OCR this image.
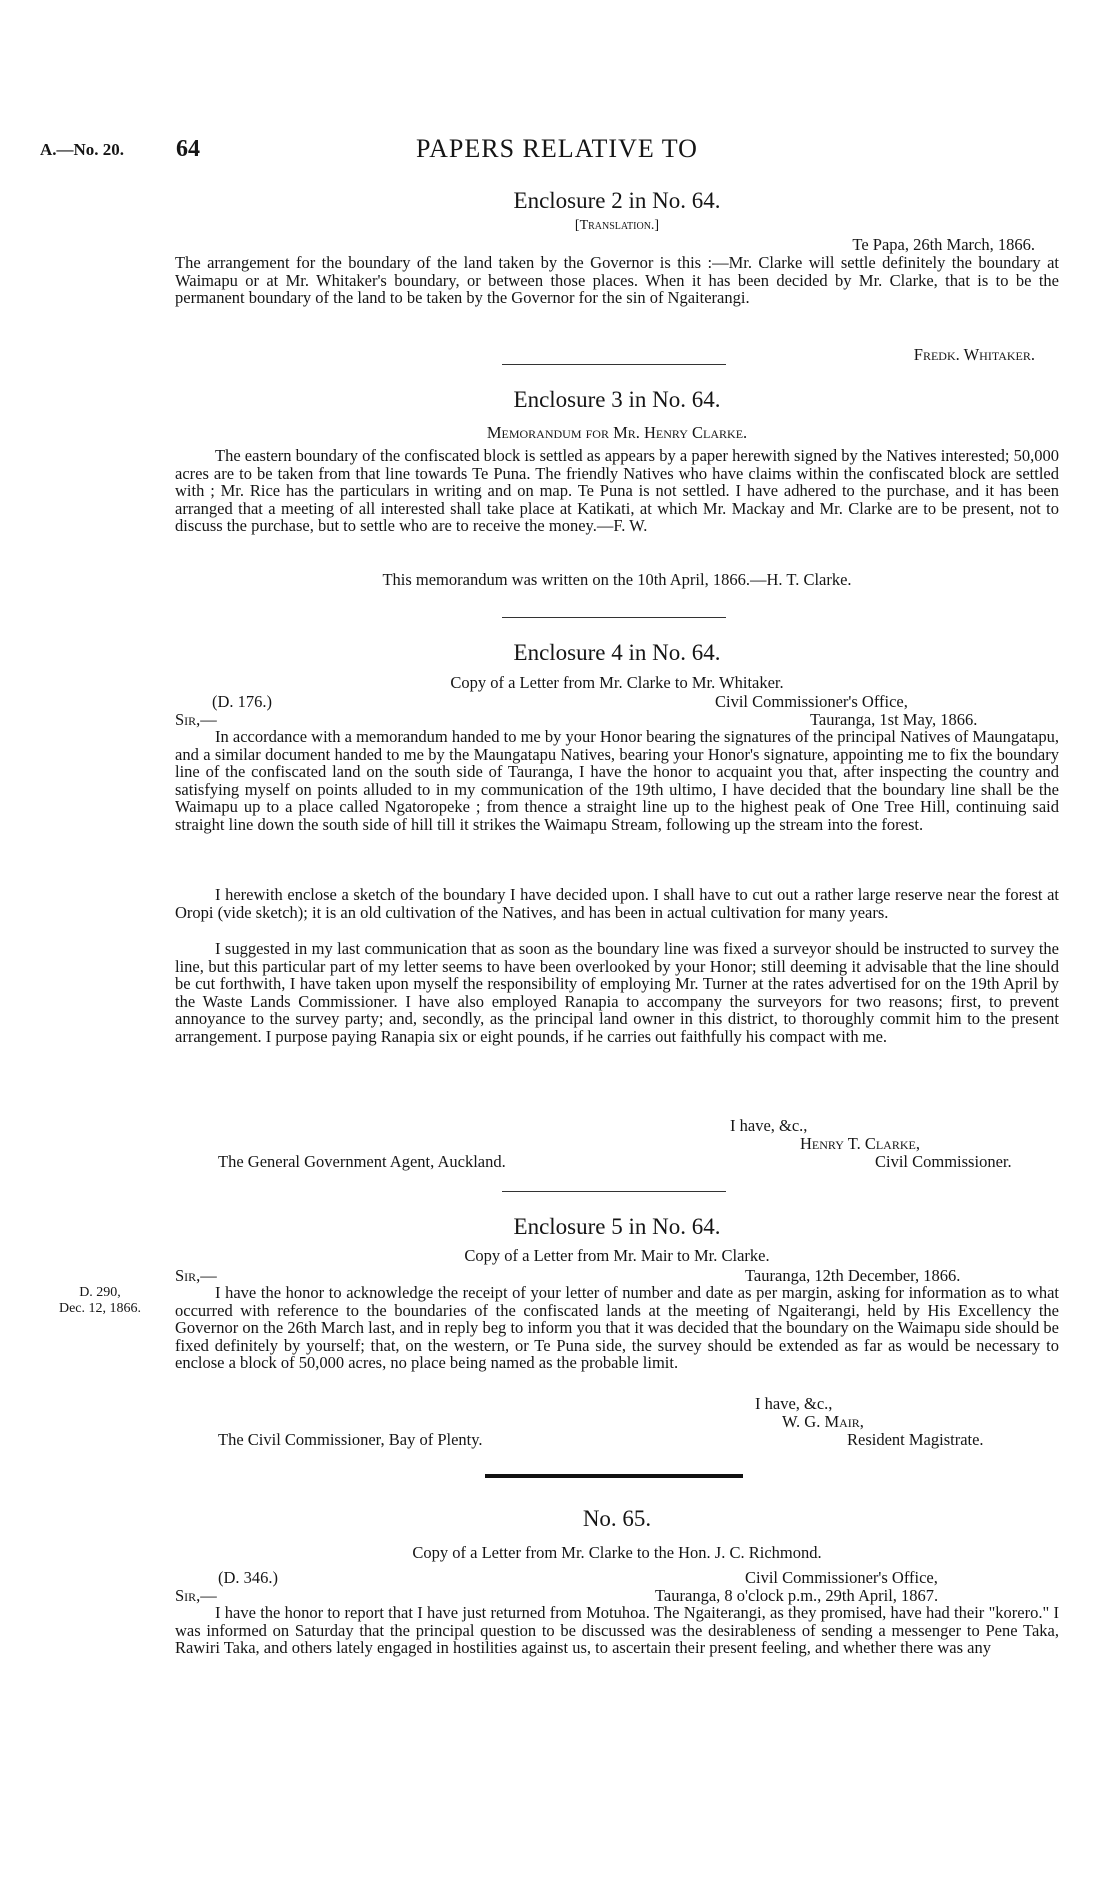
A.—No. 20. 64	PAPERS RELATIVE TO
Enclosure 2 in No. 64.
[Translation.]
Te Papa, 26th March, 1866.
The arrangement for the boundary of the land taken by the Governor is this :—Mr. Clarke will settle definitely the boundary at Waimapu or at Mr. Whitaker's boundary, or between those places. When it has been decided by Mr. Clarke, that is to be the permanent boundary of the land to be taken by the Governor for the sin of Ngaiterangi.
Fredk. Whitaker.
Enclosure 3 in No. 64.
Memorandum for Mr. Henry Clarke.
The eastern boundary of the confiscated block is settled as appears by a paper herewith signed by the Natives interested; 50,000 acres are to be taken from that line towards Te Puna. The friendly Natives who have claims within the confiscated block are settled with ; Mr. Rice has the particulars in writing and on map. Te Puna is not settled. I have adhered to the purchase, and it has been arranged that a meeting of all interested shall take place at Katikati, at which Mr. Mackay and Mr. Clarke are to be present, not to discuss the purchase, but to settle who are to receive the money.—F. W.
This memorandum was written on the 10th April, 1866.—H. T. Clarke.
Enclosure 4 in No. 64.
Copy of a Letter from Mr. Clarke to Mr. Whitaker.
(D. 176.)	Civil Commissioner's Office,
Sir,—	Tauranga, 1st May, 1866.
In accordance with a memorandum handed to me by your Honor bearing the signatures of the principal Natives of Maungatapu, and a similar document handed to me by the Maungatapu Natives, bearing your Honor's signature, appointing me to fix the boundary line of the confiscated land on the south side of Tauranga, I have the honor to acquaint you that, after inspecting the country and satisfying myself on points alluded to in my communication of the 19th ultimo, I have decided that the boundary line shall be the Waimapu up to a place called Ngatoropeke ; from thence a straight line up to the highest peak of One Tree Hill, continuing said straight line down the south side of hill till it strikes the Waimapu Stream, following up the stream into the forest.
I herewith enclose a sketch of the boundary I have decided upon. I shall have to cut out a rather large reserve near the forest at Oropi (vide sketch); it is an old cultivation of the Natives, and has been in actual cultivation for many years.
I suggested in my last communication that as soon as the boundary line was fixed a surveyor should be instructed to survey the line, but this particular part of my letter seems to have been overlooked by your Honor; still deeming it advisable that the line should be cut forthwith, I have taken upon myself the responsibility of employing Mr. Turner at the rates advertised for on the 19th April by the Waste Lands Commissioner. I have also employed Ranapia to accompany the surveyors for two reasons; first, to prevent annoyance to the survey party; and, secondly, as the principal land owner in this district, to thoroughly commit him to the present arrangement. I purpose paying Ranapia six or eight pounds, if he carries out faithfully his compact with me.
I have, &c.,
Henry T. Clarke,
The General Government Agent, Auckland.	Civil Commissioner.
Enclosure 5 in No. 64.
Copy of a Letter from Mr. Mair to Mr. Clarke.
Sir,—	Tauranga, 12th December, 1866.
D. 290,
Dec. 12, 1866.
I have the honor to acknowledge the receipt of your letter of number and date as per margin, asking for information as to what occurred with reference to the boundaries of the confiscated lands at the meeting of Ngaiterangi, held by His Excellency the Governor on the 26th March last, and in reply beg to inform you that it was decided that the boundary on the Waimapu side should be fixed definitely by yourself; that, on the western, or Te Puna side, the survey should be extended as far as would be necessary to enclose a block of 50,000 acres, no place being named as the probable limit.
I have, &c.,
W. G. Mair,
The Civil Commissioner, Bay of Plenty.	Resident Magistrate.
No. 65.
Copy of a Letter from Mr. Clarke to the Hon. J. C. Richmond.
(D. 346.)	Civil Commissioner's Office,
Sir,—	Tauranga, 8 o'clock p.m., 29th April, 1867.
I have the honor to report that I have just returned from Motuhoa. The Ngaiterangi, as they promised, have had their "korero." I was informed on Saturday that the principal question to be discussed was the desirableness of sending a messenger to Pene Taka, Rawiri Taka, and others lately engaged in hostilities against us, to ascertain their present feeling, and whether there was any
